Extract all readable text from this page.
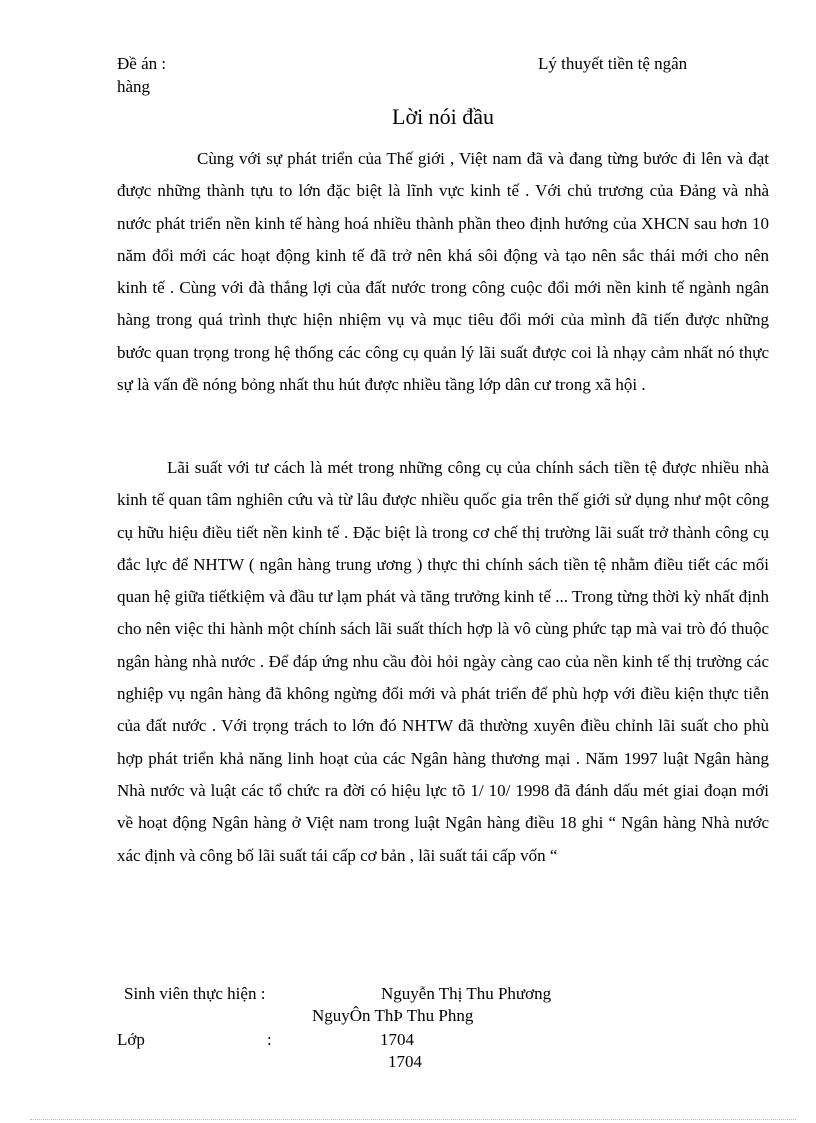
Đề án :
hàng
Lý thuyết tiền tệ ngân
Lời nói đầu

Cùng với sự phát triển của Thế giới , Việt nam đã và đang từng bước đi lên và đạt được những thành tựu to lớn đặc biệt là lĩnh vực kinh tế . Với chủ trương của Đảng và nhà nước phát triển nền kinh tế hàng hoá nhiều thành phần theo định hướng của XHCN sau hơn 10 năm đổi mới các hoạt động kinh tế đã trở nên khá sôi động và tạo nên sắc thái mới cho nên kinh tế . Cùng với đà thắng lợi của đất nước trong công cuộc đổi mới nền kinh tế ngành ngân hàng trong quá trình thực hiện nhiệm vụ và mục tiêu đổi mới của mình đã tiến được những bước quan trọng trong hệ thống các công cụ quản lý lãi suất được coi là nhạy cảm nhất nó thực sự là vấn đề nóng bỏng nhất thu hút được nhiều tầng lớp dân cư trong xã hội .

Lãi suất với tư cách là mét trong những công cụ của chính sách tiền tệ được nhiều nhà kinh tế quan tâm nghiên cứu và từ lâu được nhiều quốc gia trên thế giới sử dụng như một công cụ hữu hiệu điều tiết nền kinh tế . Đặc biệt là trong cơ chế thị trường lãi suất trở thành công cụ đắc lực để NHTW ( ngân hàng trung ương ) thực thi chính sách tiền tệ nhằm điều tiết các mối quan hệ giữa tiếtkiệm và đầu tư lạm phát và tăng trưởng kinh tế ... Trong từng thời kỳ nhất định cho nên việc thi hành một chính sách lãi suất thích hợp là vô cùng phức tạp mà vai trò đó thuộc ngân hàng nhà nước . Để đáp ứng nhu cầu đòi hỏi ngày càng cao của nền kinh tế thị trường các nghiệp vụ ngân hàng đã không ngừng đổi mới và phát triển để phù hợp với điều kiện thực tiễn của đất nước . Với trọng trách to lớn đó NHTW đã thường xuyên điều chỉnh lãi suất cho phù hợp phát triển khả năng linh hoạt của các Ngân hàng thương mại . Năm 1997 luật Ngân hàng Nhà nước và luật các tổ chức ra đời có hiệu lực tõ 1/ 10/ 1998 đã đánh dấu mét giai đoạn mới về hoạt động Ngân hàng ở Việt nam trong luật Ngân hàng điều 18 ghi “ Ngân hàng Nhà nước xác định và công bố lãi suất tái cấp cơ bản , lãi suất tái cấp vốn “

Sinh viên thực hiện :	Nguyễn Thị Thu Phương
NguyÔn ThÞ Thu Phng
Lớp	:	1704
1704
